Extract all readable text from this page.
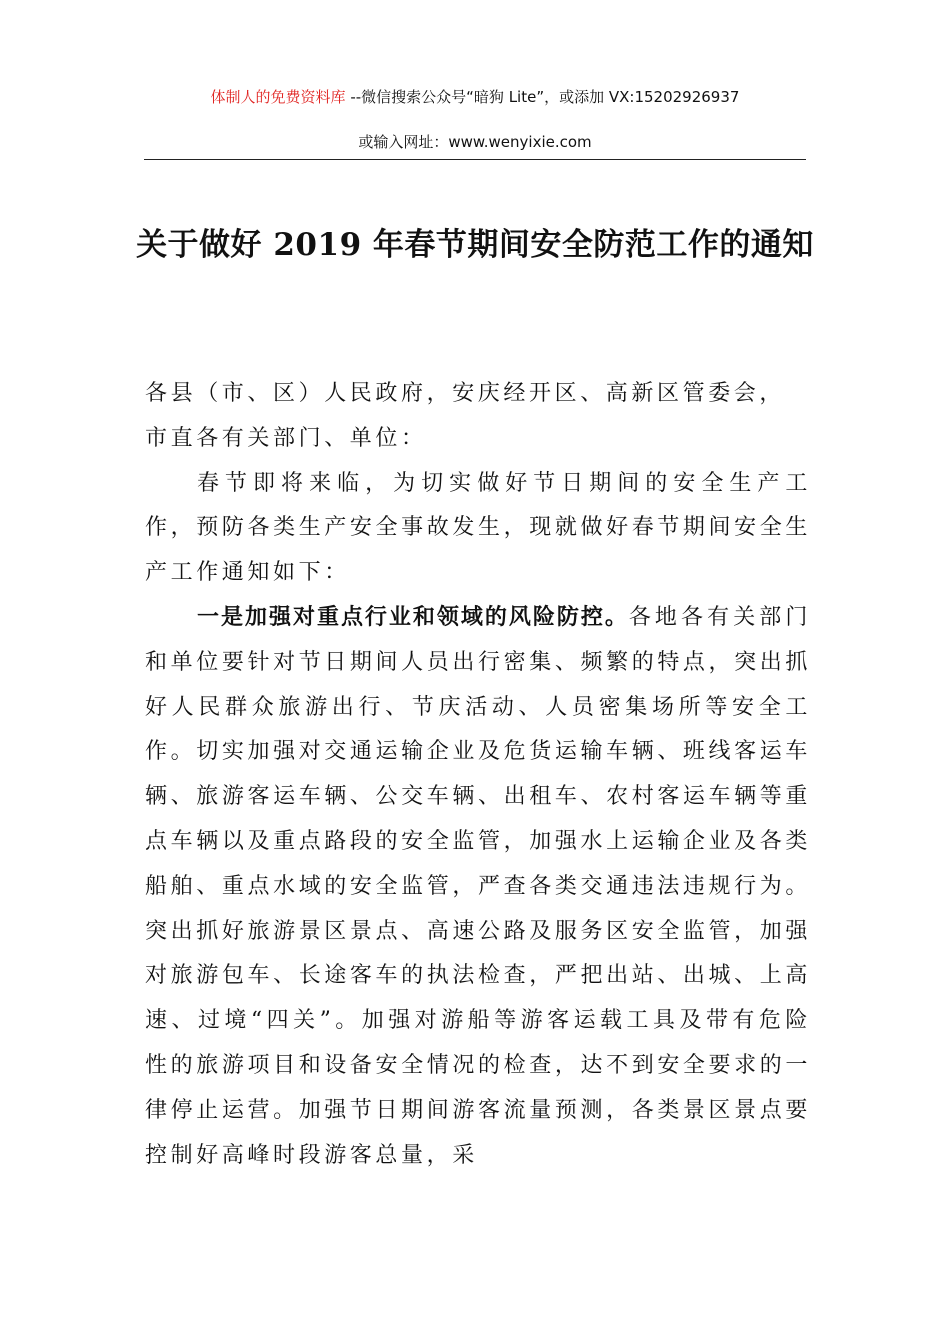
体制人的免费资料库 --微信搜索公众号“暗狗 Lite”，或添加 VX:15202926937
或输入网址：www.wenyixie.com
关于做好 2019 年春节期间安全防范工作的通知

各县（市、区）人民政府，安庆经开区、高新区管委会，

市直各有关部门、单位：

春节即将来临，为切实做好节日期间的安全生产工作，预防各类生产安全事故发生，现就做好春节期间安全生产工作通知如下：

一是加强对重点行业和领域的风险防控。各地各有关部门和单位要针对节日期间人员出行密集、频繁的特点，突出抓好人民群众旅游出行、节庆活动、人员密集场所等安全工作。切实加强对交通运输企业及危货运输车辆、班线客运车辆、旅游客运车辆、公交车辆、出租车、农村客运车辆等重点车辆以及重点路段的安全监管，加强水上运输企业及各类船舶、重点水域的安全监管，严查各类交通违法违规行为。突出抓好旅游景区景点、高速公路及服务区安全监管，加强对旅游包车、长途客车的执法检查，严把出站、出城、上高速、过境“四关”。加强对游船等游客运载工具及带有危险性的旅游项目和设备安全情况的检查，达不到安全要求的一律停止运营。加强节日期间游客流量预测，各类景区景点要控制好高峰时段游客总量，采
